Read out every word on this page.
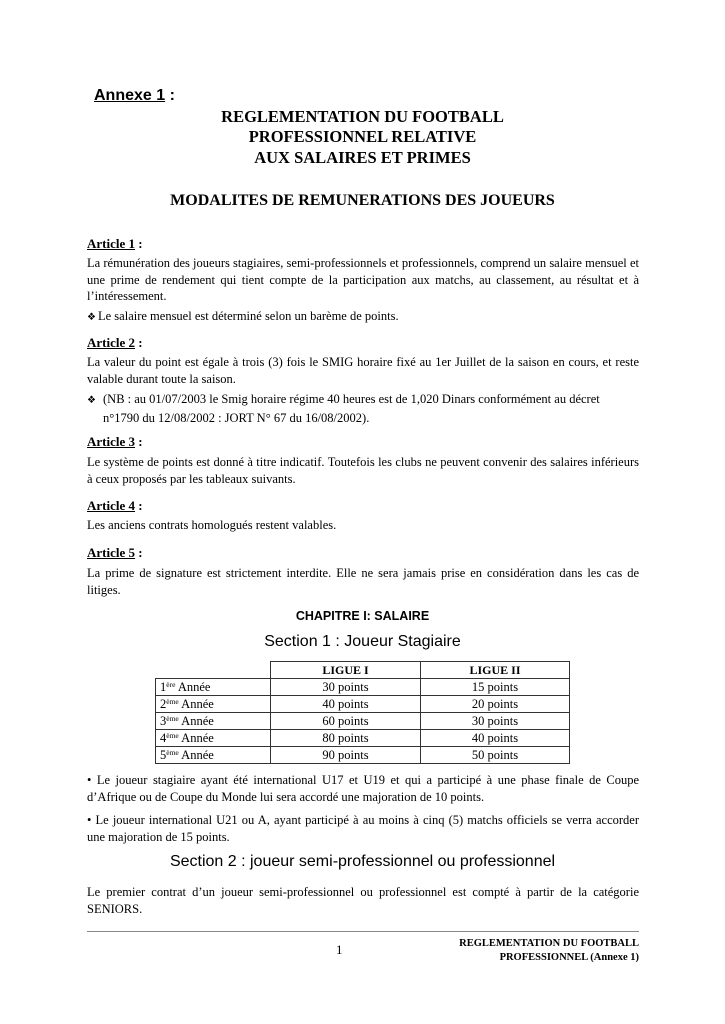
Annexe 1 :
REGLEMENTATION DU FOOTBALL
PROFESSIONNEL RELATIVE
AUX SALAIRES ET PRIMES
MODALITES DE REMUNERATIONS DES JOUEURS
Article 1 :
La rémunération des joueurs stagiaires, semi-professionnels et professionnels, comprend un salaire mensuel et une prime de rendement qui tient compte de la participation aux matchs, au classement, au résultat et à l’intéressement.
❖ Le salaire mensuel est déterminé selon un barème de points.
Article 2 :
La valeur du point est égale à trois (3) fois le SMIG horaire fixé au 1er Juillet de la saison en cours, et reste valable durant toute la saison.
❖ (NB : au 01/07/2003 le Smig horaire régime 40 heures est de 1,020 Dinars conformément au décret n°1790 du 12/08/2002 : JORT N° 67 du 16/08/2002).
Article 3 :
Le système de points est donné à titre indicatif. Toutefois les clubs ne peuvent convenir des salaires inférieurs à ceux proposés par les tableaux suivants.
Article 4 :
Les anciens contrats homologués restent valables.
Article 5 :
La prime de signature est strictement interdite. Elle ne sera jamais prise en considération dans les cas de litiges.
CHAPITRE I: SALAIRE
Section 1 : Joueur Stagiaire
	LIGUE I	LIGUE II
1ère Année	30 points	15 points
2ème Année	40 points	20 points
3ème Année	60 points	30 points
4ème Année	80 points	40 points
5ème Année	90 points	50 points
• Le joueur stagiaire ayant été international U17 et U19 et qui a participé à une phase finale de Coupe d’Afrique ou de Coupe du Monde lui sera accordé une majoration de 10 points.
• Le joueur international U21 ou A, ayant participé à au moins à cinq (5) matchs officiels se verra accorder une majoration de 15 points.
Section 2 : joueur semi-professionnel ou professionnel
Le premier contrat d’un joueur semi-professionnel ou professionnel est compté à partir de la catégorie SENIORS.
1	REGLEMENTATION DU FOOTBALL
PROFESSIONNEL (Annexe 1)
